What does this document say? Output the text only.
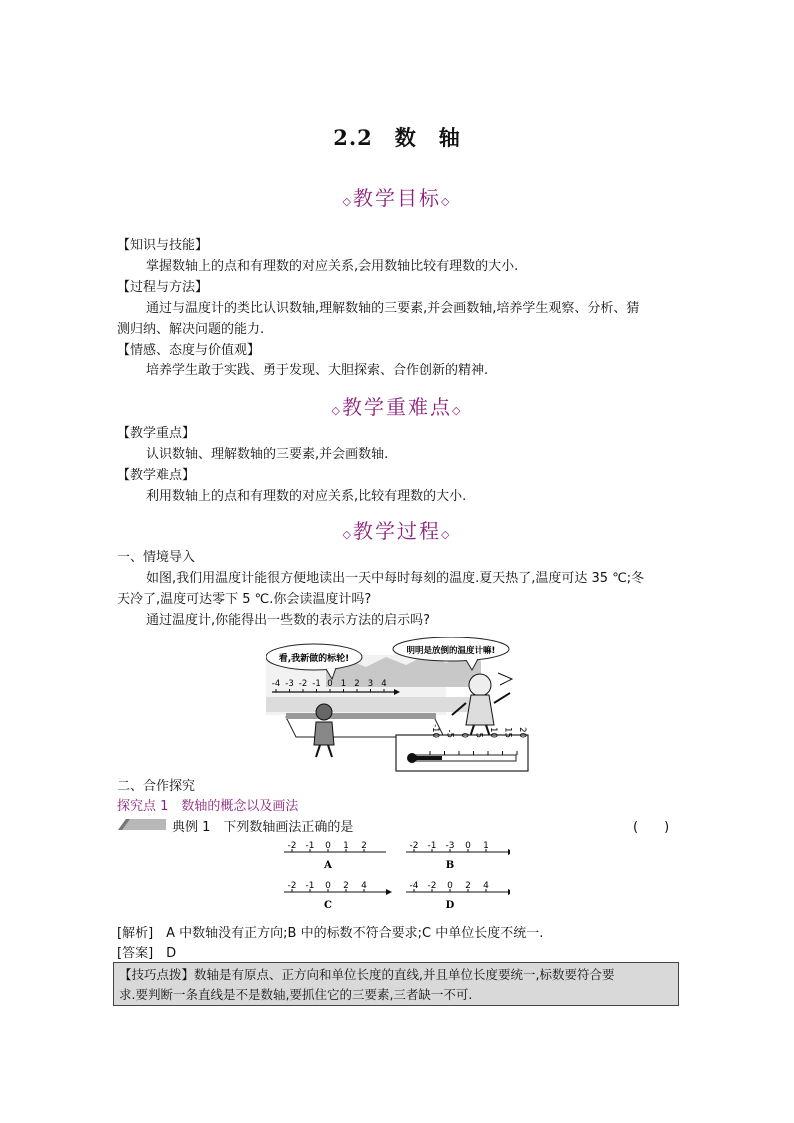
2.2　数　轴
◇教学目标◇
【知识与技能】
掌握数轴上的点和有理数的对应关系,会用数轴比较有理数的大小.
【过程与方法】
通过与温度计的类比认识数轴,理解数轴的三要素,并会画数轴,培养学生观察、分析、猜
测归纳、解决问题的能力.
【情感、态度与价值观】
培养学生敢于实践、勇于发现、大胆探索、合作创新的精神.
◇教学重难点◇
【教学重点】
认识数轴、理解数轴的三要素,并会画数轴.
【教学难点】
利用数轴上的点和有理数的对应关系,比较有理数的大小.
◇教学过程◇
一、情境导入
如图,我们用温度计能很方便地读出一天中每时每刻的温度.夏天热了,温度可达 35 ℃;冬
天冷了,温度可达零下 5 ℃.你会读温度计吗?
通过温度计,你能得出一些数的表示方法的启示吗?
看,我新做的标轮!
明明是放倒的温度计嘛!
-4 -3 -2 -1 0 1 2 3 4
-10 -5 0 5 10 15 20
二、合作探究
探究点 1　数轴的概念以及画法
典例 1　下列数轴画法正确的是	(　　)
-2 -1 0 1 2
A
-2 -1 -3 0 1
B
-2 -1 0 2 4
C
-4 -2 0 2 4
D
[解析]　A 中数轴没有正方向;B 中的标数不符合要求;C 中单位长度不统一.
[答案]　D
【技巧点拨】数轴是有原点、正方向和单位长度的直线,并且单位长度要统一,标数要符合要
求.要判断一条直线是不是数轴,要抓住它的三要素,三者缺一不可.
